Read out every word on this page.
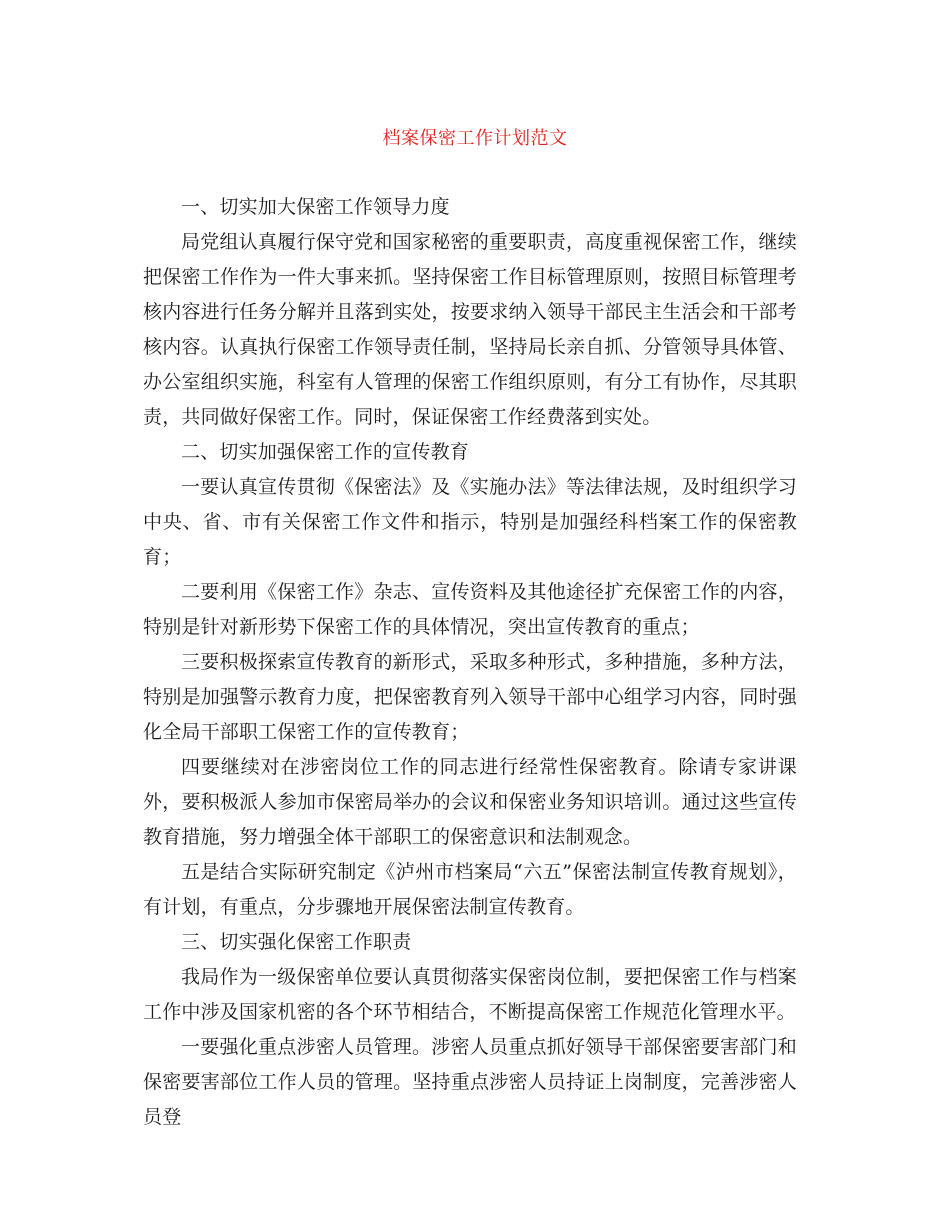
档案保密工作计划范文

一、切实加大保密工作领导力度

局党组认真履行保守党和国家秘密的重要职责，高度重视保密工作，继续把保密工作作为一件大事来抓。坚持保密工作目标管理原则，按照目标管理考核内容进行任务分解并且落到实处，按要求纳入领导干部民主生活会和干部考核内容。认真执行保密工作领导责任制，坚持局长亲自抓、分管领导具体管、办公室组织实施，科室有人管理的保密工作组织原则，有分工有协作，尽其职责，共同做好保密工作。同时，保证保密工作经费落到实处。

二、切实加强保密工作的宣传教育

一要认真宣传贯彻《保密法》及《实施办法》等法律法规，及时组织学习中央、省、市有关保密工作文件和指示，特别是加强经科档案工作的保密教育；

二要利用《保密工作》杂志、宣传资料及其他途径扩充保密工作的内容，特别是针对新形势下保密工作的具体情况，突出宣传教育的重点；

三要积极探索宣传教育的新形式，采取多种形式，多种措施，多种方法，特别是加强警示教育力度，把保密教育列入领导干部中心组学习内容，同时强化全局干部职工保密工作的宣传教育；

四要继续对在涉密岗位工作的同志进行经常性保密教育。除请专家讲课外，要积极派人参加市保密局举办的会议和保密业务知识培训。通过这些宣传教育措施，努力增强全体干部职工的保密意识和法制观念。

五是结合实际研究制定《泸州市档案局“六五”保密法制宣传教育规划》，有计划，有重点，分步骤地开展保密法制宣传教育。

三、切实强化保密工作职责

我局作为一级保密单位要认真贯彻落实保密岗位制，要把保密工作与档案工作中涉及国家机密的各个环节相结合，不断提高保密工作规范化管理水平。

一要强化重点涉密人员管理。涉密人员重点抓好领导干部保密要害部门和保密要害部位工作人员的管理。坚持重点涉密人员持证上岗制度，完善涉密人员登
